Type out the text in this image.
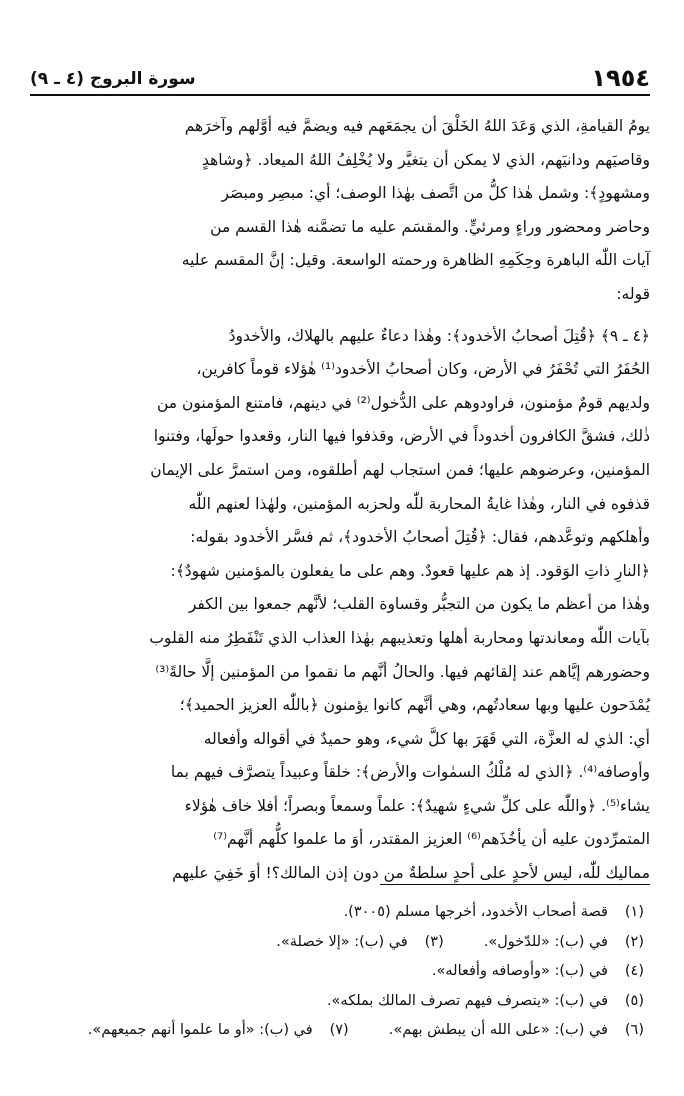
١٩٥٤
سورة البروج (٤ ـ ٩)

يومُ القيامةِ، الذي وَعَدَ اللهُ الخَلْقَ أن يجمَعَهم فيه ويضمَّ فيه أوَّلهم وآخرَهم

وقاصيَهم ودانيَهم، الذي لا يمكن أن يتغيَّر ولا يُخْلِفُ اللهُ الميعاد. ﴿وشاهدٍ

ومشهودٍ﴾: وشمل هٰذا كلُّ من اتَّصف بهٰذا الوصف؛ أي: مبصِر ومبصَر

وحاضر ومحضور وراءٍ ومرئيٍّ. والمقسَم عليه ما تضمَّنه هٰذا القسم من

آيات اللّٰه الباهرة وحِكَمِهِ الظاهرة ورحمته الواسعة. وقيل: إنَّ المقسم عليه

قوله:

﴿٤ ـ ٩﴾ ﴿قُتِلَ أصحابُ الأخدود﴾: وهٰذا دعاءٌ عليهم بالهلاك، والأخدودُ

الحُفَرُ التي تُحْفَرُ في الأرض، وكان أصحابُ الأخدود⁽¹⁾ هٰؤلاء قوماً كافرين،

ولديهم قومٌ مؤمنون، فراودوهم على الدُّخول⁽²⁾ في دينهم، فامتنع المؤمنون من

ذٰلك، فشقَّ الكافرون أخدوداً في الأرض، وقذفوا فيها النار، وقعدوا حولَها، وفتنوا

المؤمنين، وعرضوهم عليها؛ فمن استجاب لهم أطلقوه، ومن استمرَّ على الإيمان

قذفوه في النار، وهٰذا غايةُ المحاربة للّٰه ولحزبه المؤمنين، ولهٰذا لعنهم اللّٰه

وأهلكهم وتوعَّدهم، فقال: ﴿قُتِلَ أصحابُ الأخدود﴾، ثم فسَّر الأخدود بقوله:

﴿النارِ ذاتِ الوَقود. إذ هم عليها قعودٌ. وهم على ما يفعلون بالمؤمنين شهودٌ﴾:

وهٰذا من أعظم ما يكون من التجبُّر وقساوة القلب؛ لأنَّهم جمعوا بين الكفر

بآيات اللّٰه ومعاندتها ومحاربة أهلها وتعذيبهم بهٰذا العذاب الذي تَنْفَطِرُ منه القلوب

وحضورهم إيَّاهم عند إلقائهم فيها. والحالُ أنَّهم ما نقموا من المؤمنين إلَّا حالةً⁽³⁾

يُمْدَحون عليها وبها سعادتُهم، وهي أنَّهم كانوا يؤمنون ﴿باللّٰه العزيز الحميد﴾؛

أي: الذي له العزَّة، التي قَهَرَ بها كلَّ شيء، وهو حميدٌ في أقواله وأفعاله

وأوصافه⁽⁴⁾. ﴿الذي له مُلْكُ السمٰوات والأرض﴾: خلقاً وعبيداً يتصرَّف فيهم بما

يشاء⁽⁵⁾. ﴿واللّٰه على كلِّ شيءٍ شهيدٌ﴾: علماً وسمعاً وبصراً؛ أفلا خاف هٰؤلاء

المتمرِّدون عليه أن يأخُذَهم⁽⁶⁾ العزيز المقتدر، أوَ ما علموا كلُّهم أنَّهم⁽⁷⁾

مماليك للّٰه، ليس لأحدٍ على أحدٍ سلطةٌ من دون إذن المالك؟! أوَ خَفِيَ عليهم

(١)
قصة أصحاب الأخدود، أخرجها مسلم (٣٠٠٥).
(٢)
في (ب): «للدّخول».
(٣)
في (ب): «إلا خصلة».
(٤)
في (ب): «وأوصافه وأفعاله».
(٥)
في (ب): «يتصرف فيهم تصرف المالك بملكه».
(٦)
في (ب): «على الله أن يبطش بهم».
(٧)
في (ب): «أو ما علموا أنهم جميعهم».
